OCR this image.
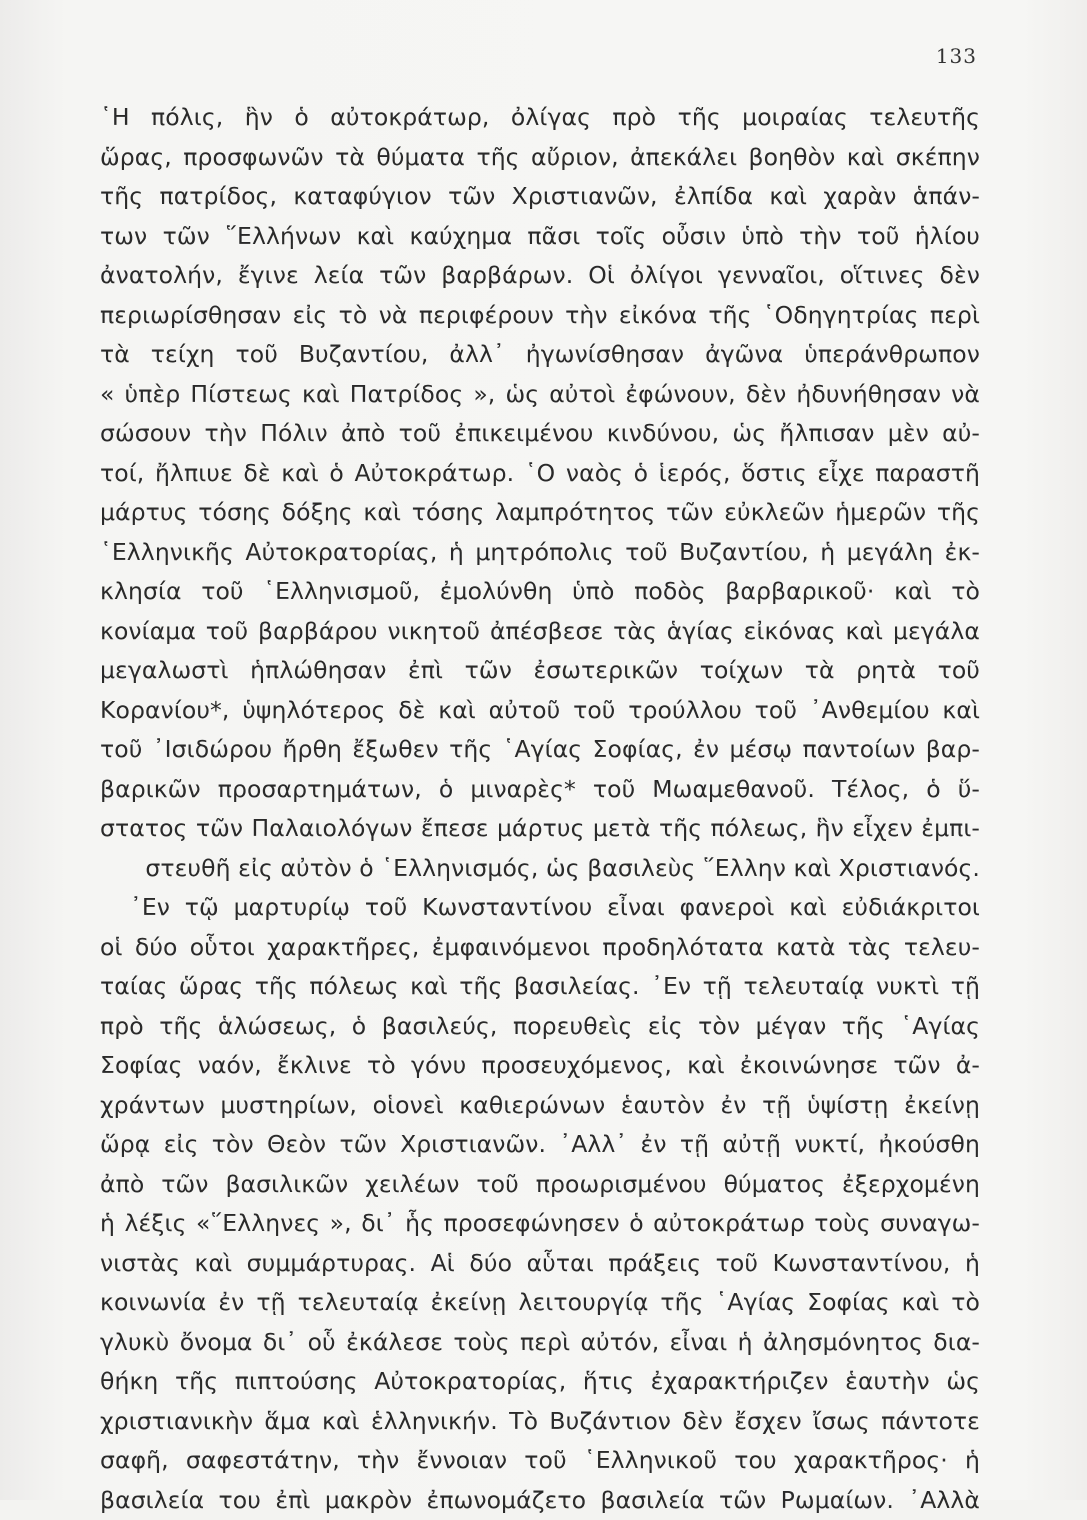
133
῾Η πόλις, ἣν ὁ αὐτοκράτωρ, ὀλίγας πρὸ τῆς μοιραίας τελευτῆς
ὥρας, προσφωνῶν τὰ θύματα τῆς αὔριον, ἀπεκάλει βοηθὸν καὶ σκέπην
τῆς πατρίδος, καταφύγιον τῶν Χριστιανῶν, ἐλπίδα καὶ χαρὰν ἁπάν-
των τῶν ῞Ελλήνων καὶ καύχημα πᾶσι τοῖς οὖσιν ὑπὸ τὴν τοῦ ἡλίου
ἀνατολήν, ἔγινε λεία τῶν βαρβάρων. Οἱ ὀλίγοι γενναῖοι, οἵτινες δὲν
περιωρίσθησαν εἰς τὸ νὰ περιφέρουν τὴν εἰκόνα τῆς ῾Οδηγητρίας περὶ
τὰ τείχη τοῦ Βυζαντίου, ἀλλ᾽ ἠγωνίσθησαν ἀγῶνα ὑπεράνθρωπον
« ὑπὲρ Πίστεως καὶ Πατρίδος », ὡς αὐτοὶ ἐφώνουν, δὲν ἠδυνήθησαν νὰ
σώσουν τὴν Πόλιν ἀπὸ τοῦ ἐπικειμένου κινδύνου, ὡς ἤλπισαν μὲν αὐ-
τοί, ἤλπιυε δὲ καὶ ὁ Αὐτοκράτωρ. ῾Ο ναὸς ὁ ἱερός, ὅστις εἶχε παραστῆ
μάρτυς τόσης δόξης καὶ τόσης λαμπρότητος τῶν εὐκλεῶν ἡμερῶν τῆς
῾Ελληνικῆς Αὐτοκρατορίας, ἡ μητρόπολις τοῦ Βυζαντίου, ἡ μεγάλη ἐκ-
κλησία τοῦ ῾Ελληνισμοῦ, ἐμολύνθη ὑπὸ ποδὸς βαρβαρικοῦ· καὶ τὸ
κονίαμα τοῦ βαρβάρου νικητοῦ ἀπέσβεσε τὰς ἁγίας εἰκόνας καὶ μεγάλα
μεγαλωστὶ ἡπλώθησαν ἐπὶ τῶν ἐσωτερικῶν τοίχων τὰ ρητὰ τοῦ
Κορανίου*, ὑψηλότερος δὲ καὶ αὐτοῦ τοῦ τρούλλου τοῦ ᾿Ανθεμίου καὶ
τοῦ ᾿Ισιδώρου ἤρθη ἔξωθεν τῆς ῾Αγίας Σοφίας, ἐν μέσῳ παντοίων βαρ-
βαρικῶν προσαρτημάτων, ὁ μιναρὲς* τοῦ Μωαμεθανοῦ. Τέλος, ὁ ὕ-
στατος τῶν Παλαιολόγων ἔπεσε μάρτυς μετὰ τῆς πόλεως, ἣν εἶχεν ἐμπι-
στευθῆ εἰς αὐτὸν ὁ ῾Ελληνισμός, ὡς βασιλεὺς ῞Ελλην καὶ Χριστιανός.
᾿Εν τῷ μαρτυρίῳ τοῦ Κωνσταντίνου εἶναι φανεροὶ καὶ εὐδιάκριτοι
οἱ δύο οὗτοι χαρακτῆρες, ἐμφαινόμενοι προδηλότατα κατὰ τὰς τελευ-
ταίας ὥρας τῆς πόλεως καὶ τῆς βασιλείας. ᾿Εν τῇ τελευταίᾳ νυκτὶ τῇ
πρὸ τῆς ἁλώσεως, ὁ βασιλεύς, πορευθεὶς εἰς τὸν μέγαν τῆς ῾Αγίας
Σοφίας ναόν, ἔκλινε τὸ γόνυ προσευχόμενος, καὶ ἐκοινώνησε τῶν ἀ-
χράντων μυστηρίων, οἱονεὶ καθιερώνων ἑαυτὸν ἐν τῇ ὑψίστῃ ἐκείνῃ
ὥρᾳ εἰς τὸν Θεὸν τῶν Χριστιανῶν. ᾿Αλλ᾽ ἐν τῇ αὐτῇ νυκτί, ἠκούσθη
ἀπὸ τῶν βασιλικῶν χειλέων τοῦ προωρισμένου θύματος ἐξερχομένη
ἡ λέξις «῞Ελληνες », δι᾽ ἧς προσεφώνησεν ὁ αὐτοκράτωρ τοὺς συναγω-
νιστὰς καὶ συμμάρτυρας. Αἱ δύο αὗται πράξεις τοῦ Κωνσταντίνου, ἡ
κοινωνία ἐν τῇ τελευταίᾳ ἐκείνῃ λειτουργίᾳ τῆς ῾Αγίας Σοφίας καὶ τὸ
γλυκὺ ὄνομα δι᾽ οὗ ἐκάλεσε τοὺς περὶ αὐτόν, εἶναι ἡ ἀλησμόνητος δια-
θήκη τῆς πιπτούσης Αὐτοκρατορίας, ἥτις ἐχαρακτήριζεν ἑαυτὴν ὡς
χριστιανικὴν ἅμα καὶ ἑλληνικήν. Τὸ Βυζάντιον δὲν ἔσχεν ἴσως πάντοτε
σαφῆ, σαφεστάτην, τὴν ἔννοιαν τοῦ ῾Ελληνικοῦ του χαρακτῆρος· ἡ
βασιλεία του ἐπὶ μακρὸν ἐπωνομάζετο βασιλεία τῶν Ρωμαίων. ᾿Αλλὰ
